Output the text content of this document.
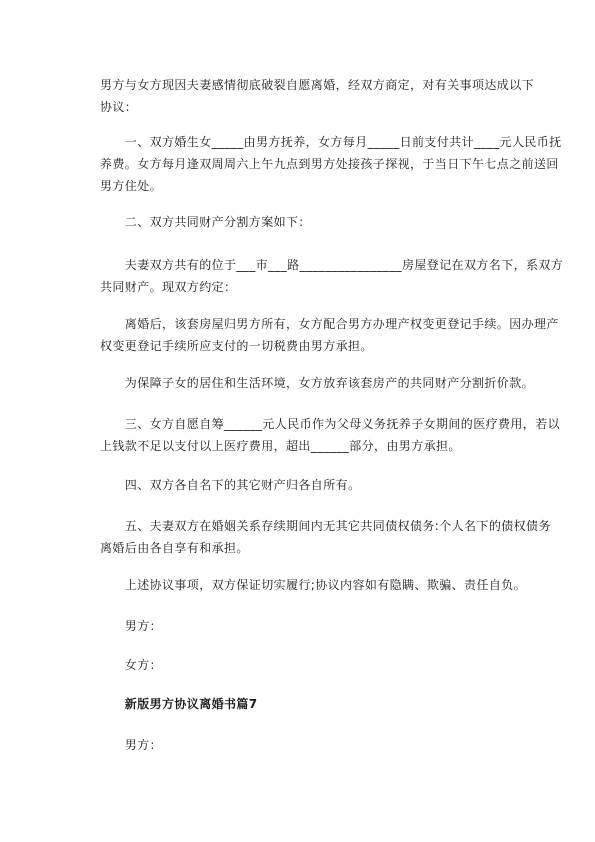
男方与女方现因夫妻感情彻底破裂自愿离婚，经双方商定，对有关事项达成以下
协议：
　　一、双方婚生女_____由男方抚养，女方每月_____日前支付共计____元人民币抚
养费。女方每月逢双周周六上午九点到男方处接孩子探视，于当日下午七点之前送回
男方住处。
　　二、双方共同财产分割方案如下：
　　夫妻双方共有的位于___市___路________________房屋登记在双方名下，系双方
共同财产。现双方约定：
　　离婚后，该套房屋归男方所有，女方配合男方办理产权变更登记手续。因办理产
权变更登记手续所应支付的一切税费由男方承担。
　　为保障子女的居住和生活环境，女方放弃该套房产的共同财产分割折价款。
　　三、女方自愿自筹______元人民币作为父母义务抚养子女期间的医疗费用，若以
上钱款不足以支付以上医疗费用，超出______部分，由男方承担。
　　四、双方各自名下的其它财产归各自所有。
　　五、夫妻双方在婚姻关系存续期间内无其它共同债权债务:个人名下的债权债务
离婚后由各自享有和承担。
　　上述协议事项，双方保证切实履行;协议内容如有隐瞒、欺骗、责任自负。
　　男方：
　　女方：
　　新版男方协议离婚书篇7
　　男方：
